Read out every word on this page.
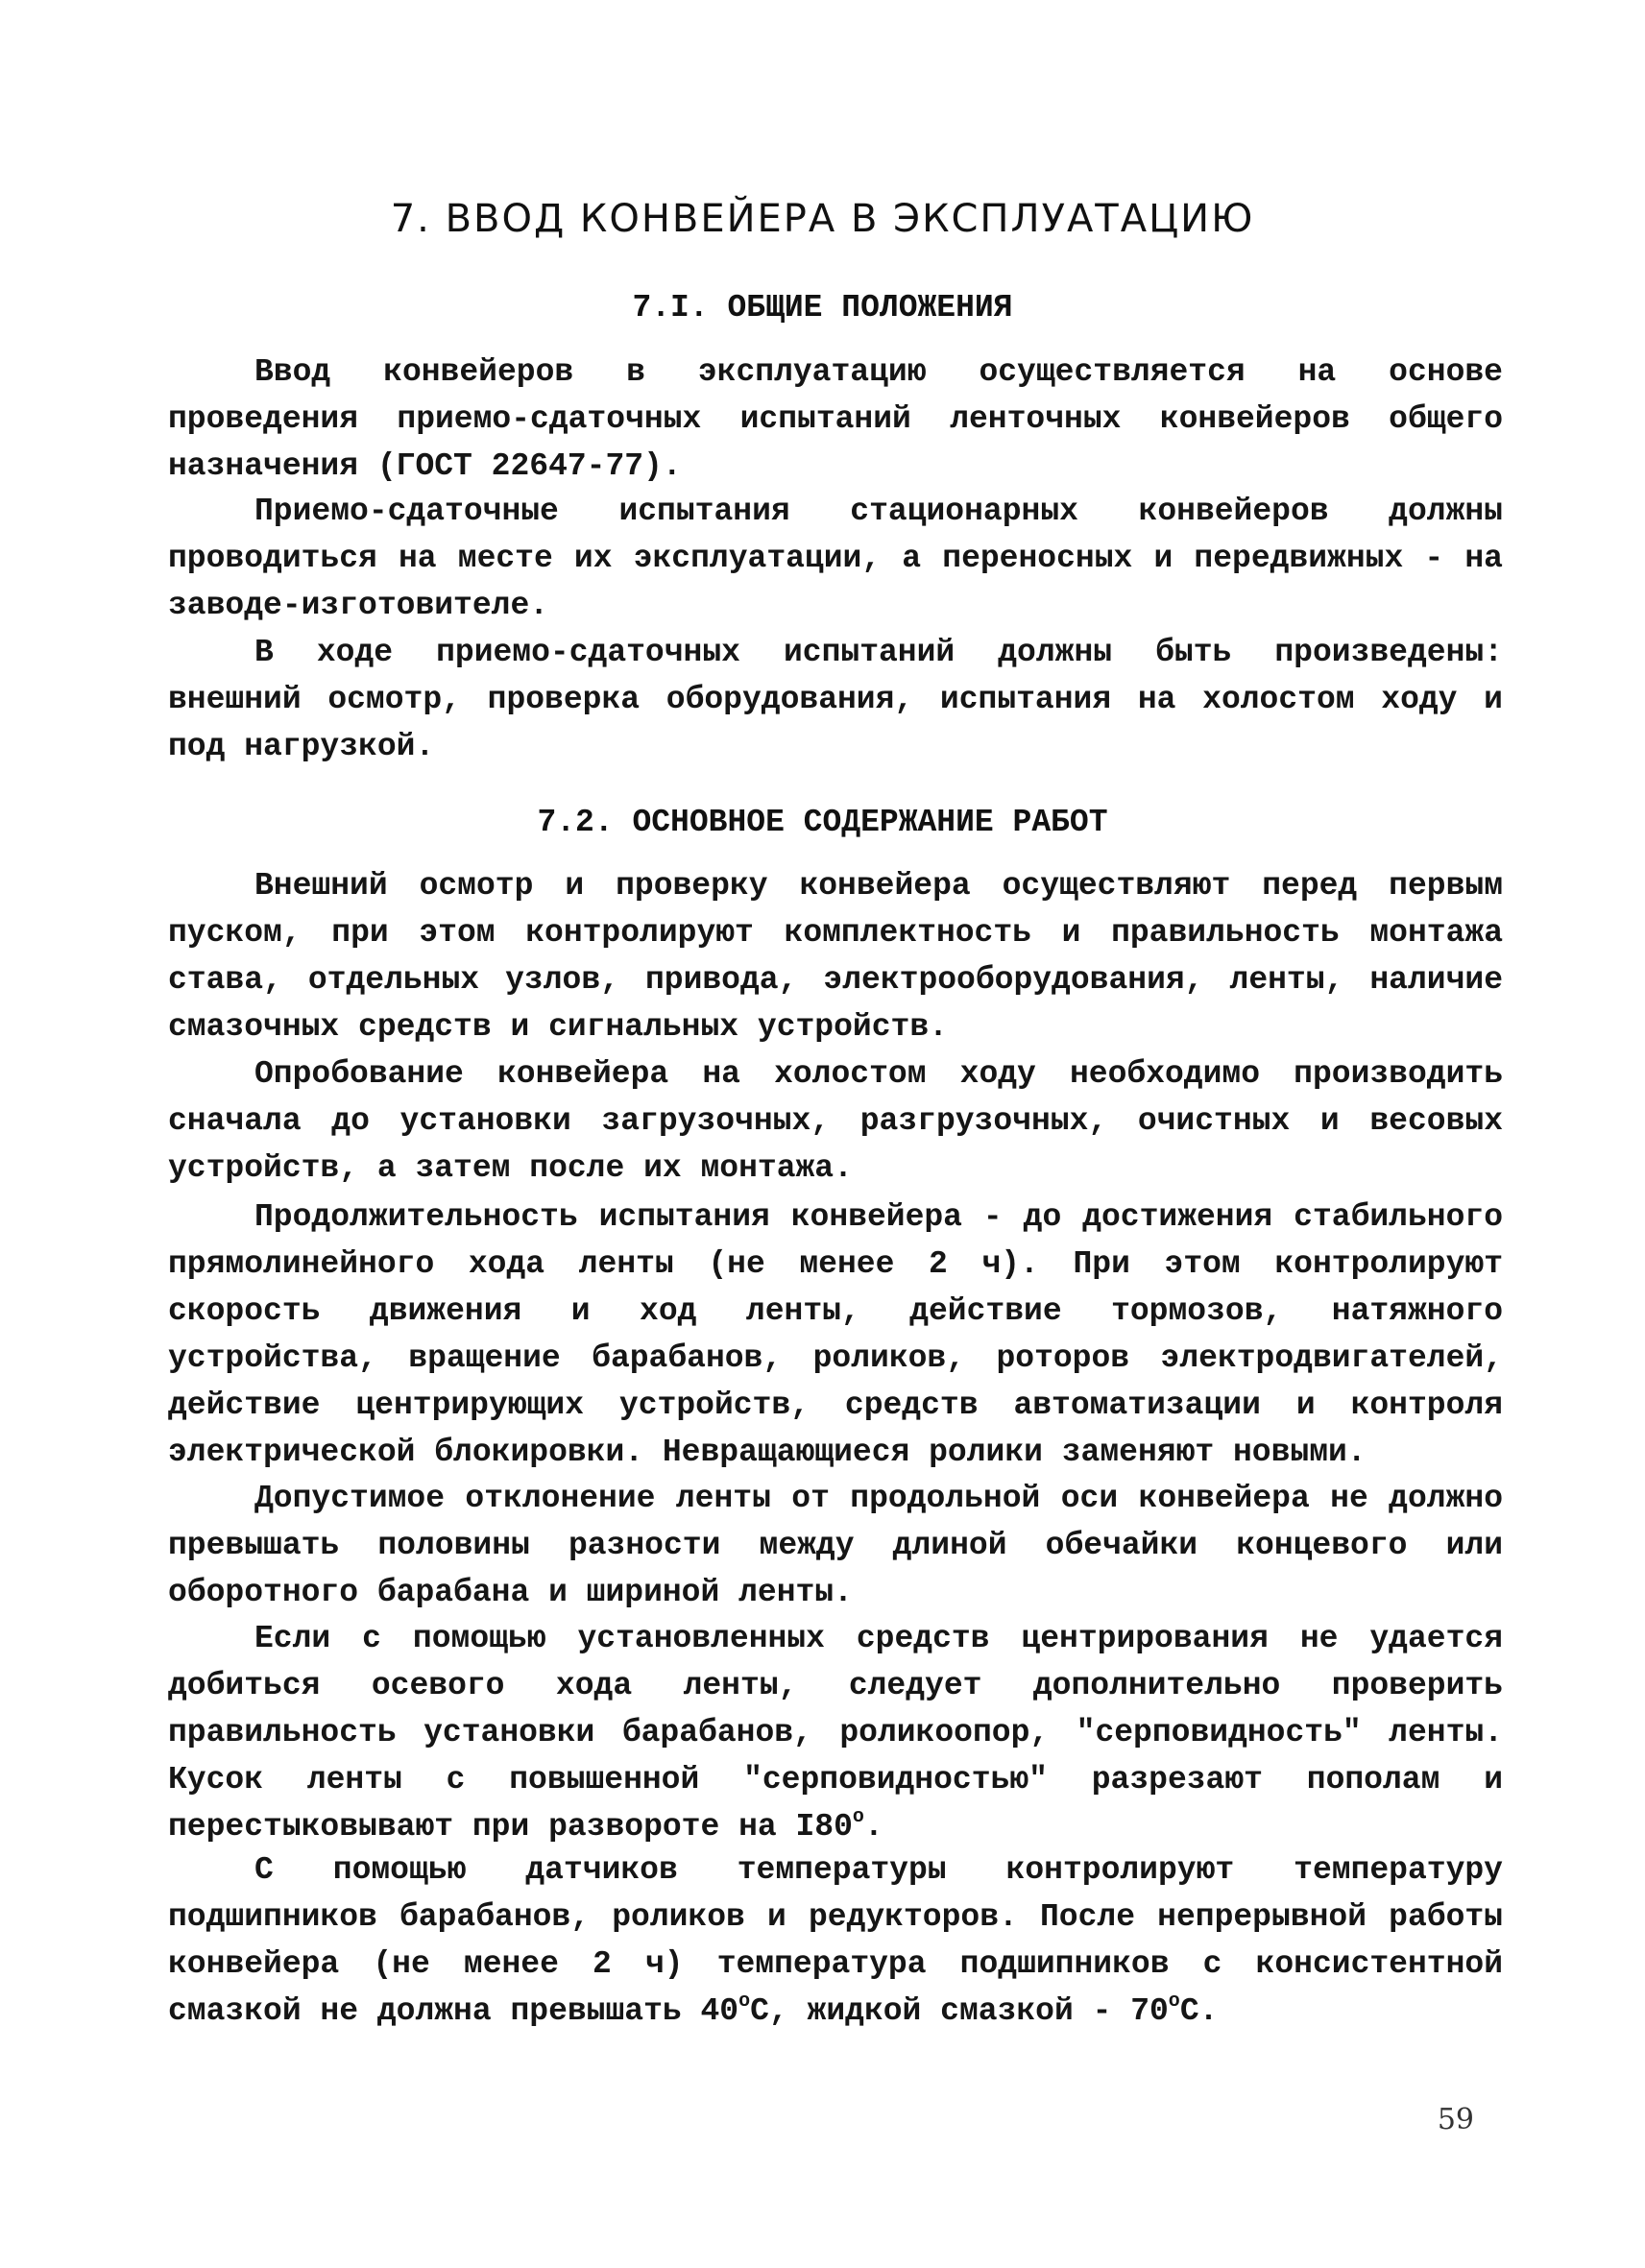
7. ВВОД КОНВЕЙЕРА В ЭКСПЛУАТАЦИЮ
7.I. ОБЩИЕ ПОЛОЖЕНИЯ

Ввод конвейеров в эксплуатацию осуществляется на основе проведения приемо-сдаточных испытаний ленточных конвейеров общего назначения (ГОСТ 22647-77).

Приемо-сдаточные испытания стационарных конвейеров должны проводиться на месте их эксплуатации, а переносных и передвижных - на заводе-изготовителе.

В ходе приемо-сдаточных испытаний должны быть произведены: внешний осмотр, проверка оборудования, испытания на холостом ходу и под нагрузкой.

7.2. ОСНОВНОЕ СОДЕРЖАНИЕ РАБОТ

Внешний осмотр и проверку конвейера осуществляют перед первым пуском, при этом контролируют комплектность и правильность монтажа става, отдельных узлов, привода, электрооборудования, ленты, наличие смазочных средств и сигнальных устройств.

Опробование конвейера на холостом ходу необходимо производить сначала до установки загрузочных, разгрузочных, очистных и весовых устройств, а затем после их монтажа.

Продолжительность испытания конвейера - до достижения стабильного прямолинейного хода ленты (не менее 2 ч). При этом контролируют скорость движения и ход ленты, действие тормозов, натяжного устройства, вращение барабанов, роликов, роторов электродвигателей, действие центрирующих устройств, средств автоматизации и контроля электрической блокировки. Невращающиеся ролики заменяют новыми.

Допустимое отклонение ленты от продольной оси конвейера не должно превышать половины разности между длиной обечайки концевого или оборотного барабана и шириной ленты.

Если с помощью установленных средств центрирования не удается добиться осевого хода ленты, следует дополнительно проверить правильность установки барабанов, роликоопор, "серповидность" ленты. Кусок ленты с повышенной "серповидностью" разрезают пополам и перестыковывают при развороте на I80$^o$.

С помощью датчиков температуры контролируют температуру подшипников барабанов, роликов и редукторов. После непрерывной работы конвейера (не менее 2 ч) температура подшипников с консистентной смазкой не должна превышать 40$^o$С, жидкой смазкой - 70$^o$С.

59
